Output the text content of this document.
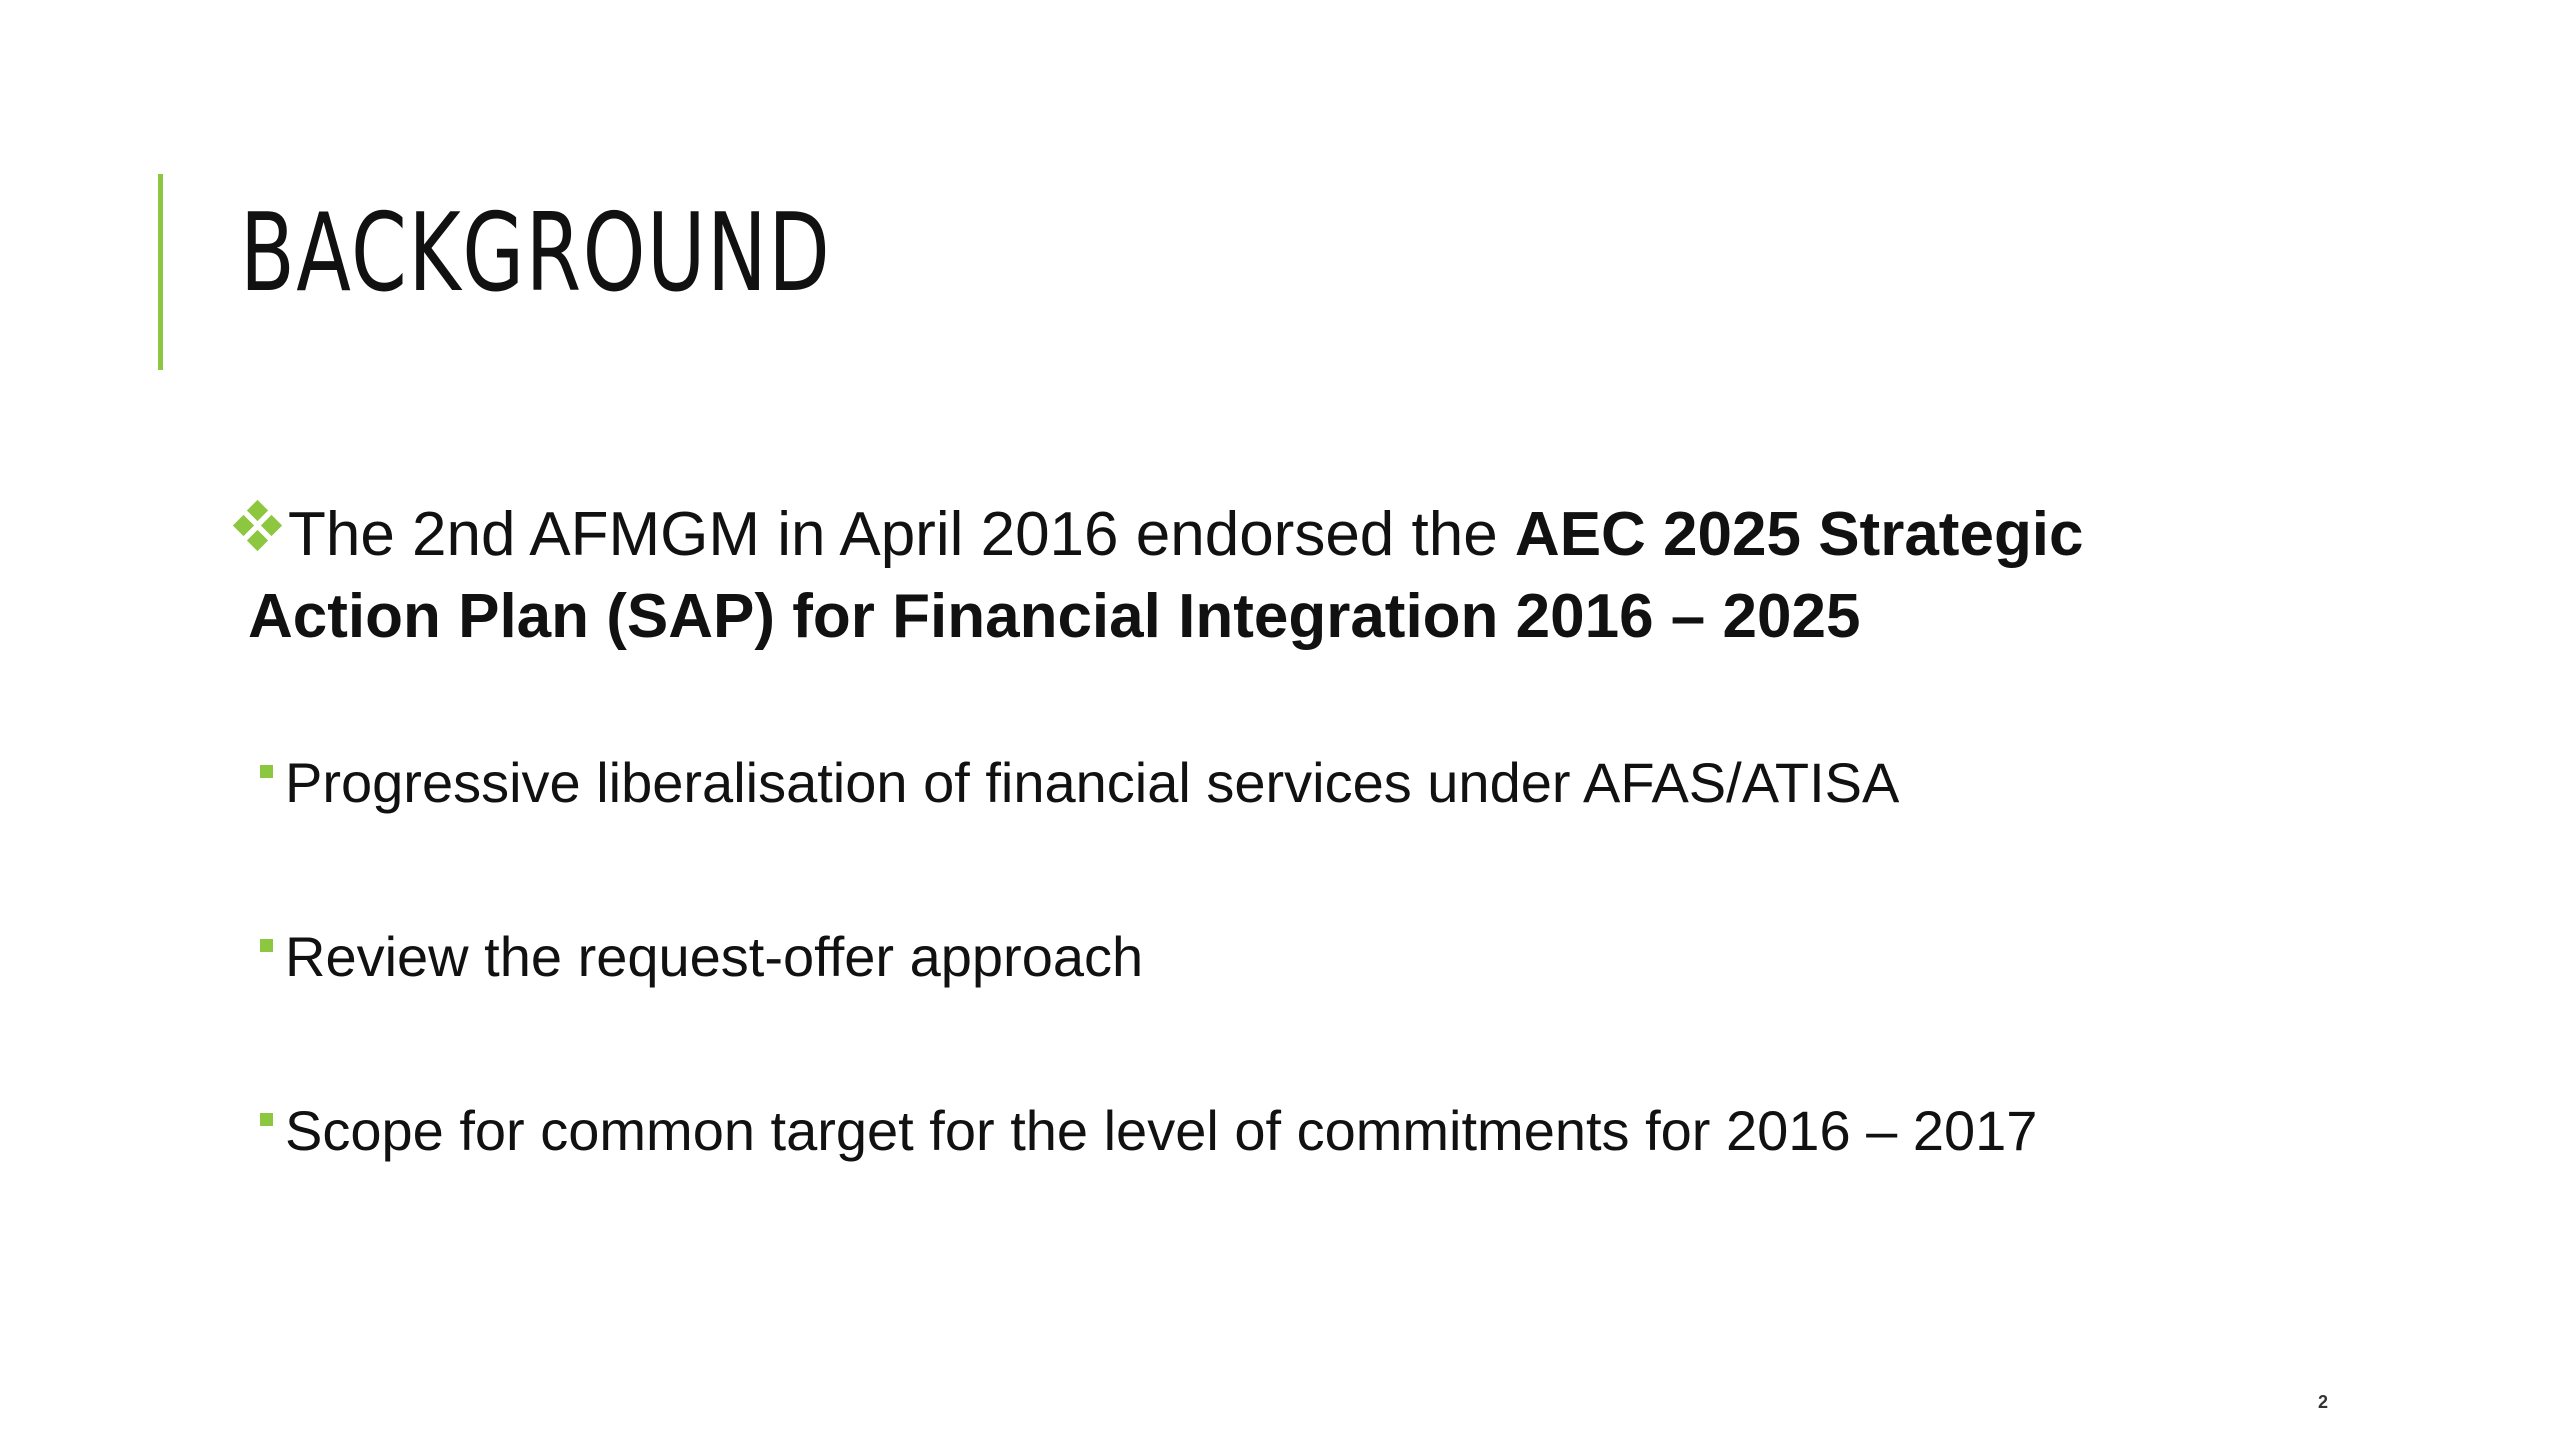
BACKGROUND
The 2nd AFMGM in April 2016 endorsed the AEC 2025 Strategic
Action Plan (SAP) for Financial Integration 2016 – 2025
Progressive liberalisation of financial services under AFAS/ATISA
Review the request-offer approach
Scope for common target for the level of commitments for 2016 – 2017
2
